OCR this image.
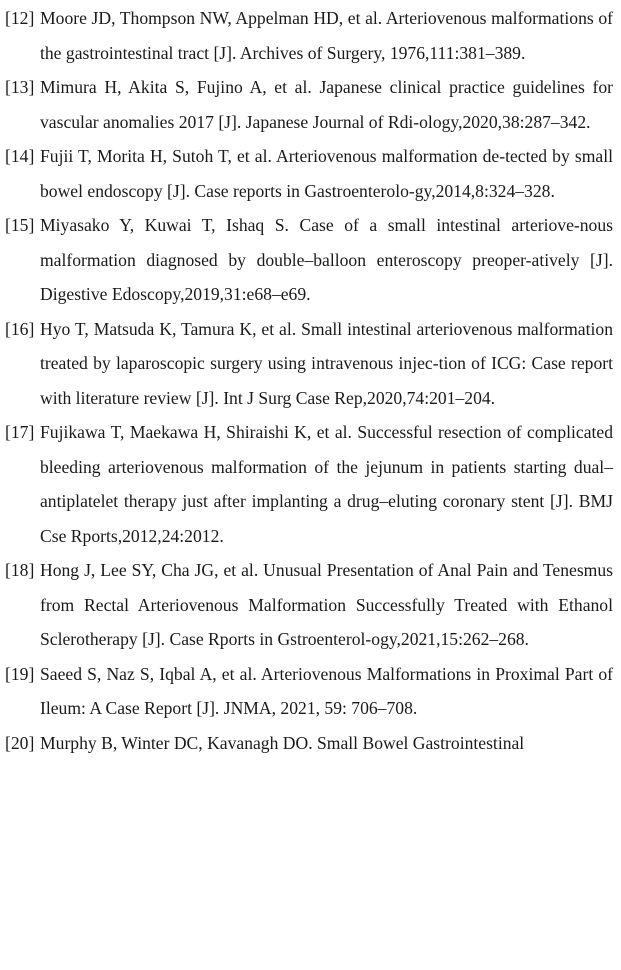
[12] Moore JD, Thompson NW, Appelman HD, et al. Arteriovenous malformations of the gastrointestinal tract [J]. Archives of Surgery, 1976,111:381–389.
[13] Mimura H, Akita S, Fujino A, et al. Japanese clinical practice guidelines for vascular anomalies 2017 [J]. Japanese Journal of Rdi-ology,2020,38:287–342.
[14] Fujii T, Morita H, Sutoh T, et al. Arteriovenous malformation de-tected by small bowel endoscopy [J]. Case reports in Gastroenterolo-gy,2014,8:324–328.
[15] Miyasako Y, Kuwai T, Ishaq S. Case of a small intestinal arteriove-nous malformation diagnosed by double–balloon enteroscopy preoper-atively [J]. Digestive Edoscopy,2019,31:e68–e69.
[16] Hyo T, Matsuda K, Tamura K, et al. Small intestinal arteriovenous malformation treated by laparoscopic surgery using intravenous injec-tion of ICG: Case report with literature review [J]. Int J Surg Case Rep,2020,74:201–204.
[17] Fujikawa T, Maekawa H, Shiraishi K, et al. Successful resection of complicated bleeding arteriovenous malformation of the jejunum in patients starting dual–antiplatelet therapy just after implanting a drug–eluting coronary stent [J]. BMJ Cse Rports,2012,24:2012.
[18] Hong J, Lee SY, Cha JG, et al. Unusual Presentation of Anal Pain and Tenesmus from Rectal Arteriovenous Malformation Successfully Treated with Ethanol Sclerotherapy [J]. Case Rports in Gstroenterol-ogy,2021,15:262–268.
[19] Saeed S, Naz S, Iqbal A, et al. Arteriovenous Malformations in Proximal Part of Ileum: A Case Report [J]. JNMA, 2021, 59: 706–708.
[20] Murphy B, Winter DC, Kavanagh DO. Small Bowel Gastrointestinal
